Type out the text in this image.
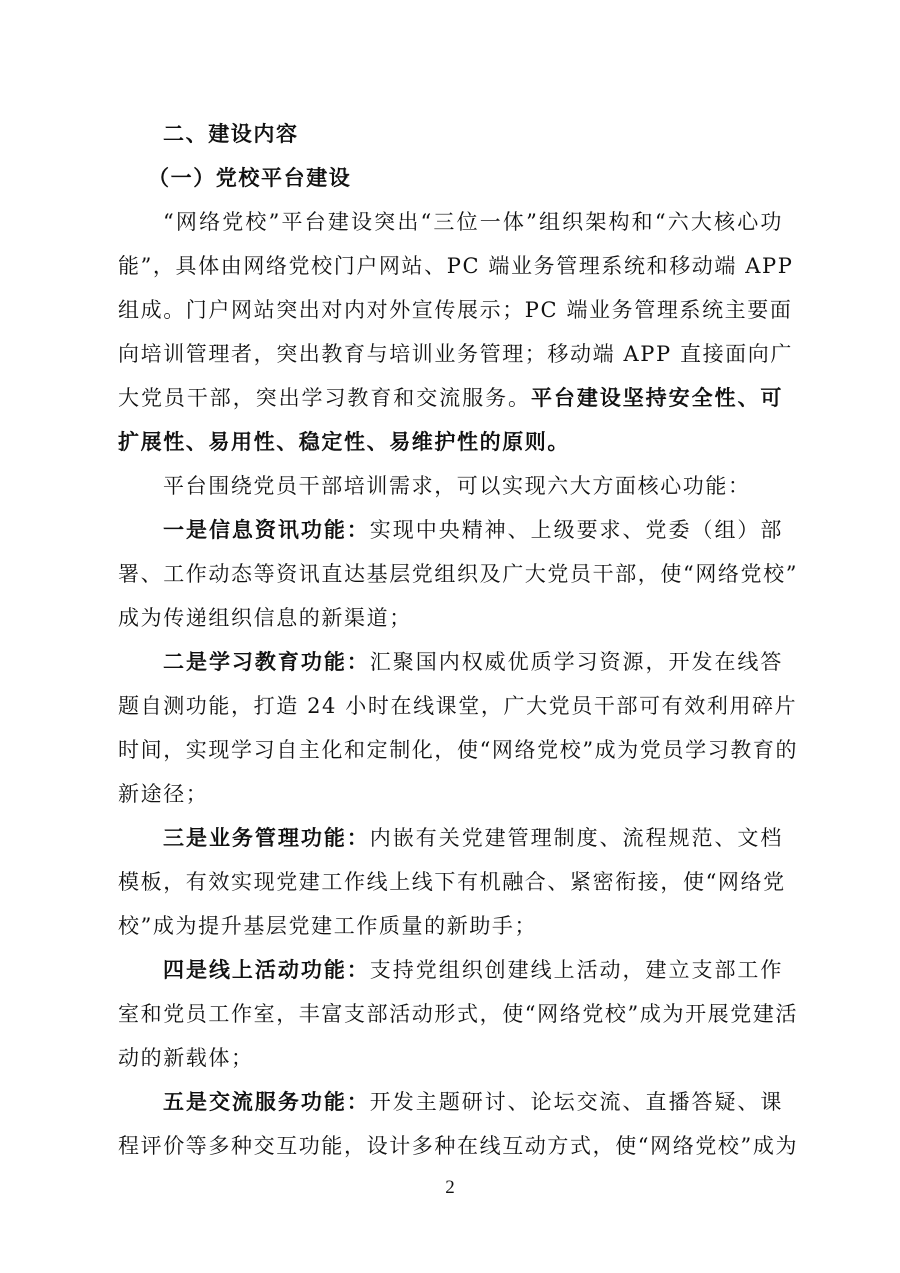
二、建设内容
（一）党校平台建设
“网络党校”平台建设突出“三位一体”组织架构和“六大核心功
能”，具体由网络党校门户网站、PC 端业务管理系统和移动端 APP
组成。门户网站突出对内对外宣传展示；PC 端业务管理系统主要面
向培训管理者，突出教育与培训业务管理；移动端 APP 直接面向广
大党员干部，突出学习教育和交流服务。平台建设坚持安全性、可
扩展性、易用性、稳定性、易维护性的原则。
平台围绕党员干部培训需求，可以实现六大方面核心功能：
一是信息资讯功能：实现中央精神、上级要求、党委（组）部
署、工作动态等资讯直达基层党组织及广大党员干部，使“网络党校”
成为传递组织信息的新渠道；
二是学习教育功能：汇聚国内权威优质学习资源，开发在线答
题自测功能，打造 24 小时在线课堂，广大党员干部可有效利用碎片
时间，实现学习自主化和定制化，使“网络党校”成为党员学习教育的
新途径；
三是业务管理功能：内嵌有关党建管理制度、流程规范、文档
模板，有效实现党建工作线上线下有机融合、紧密衔接，使“网络党
校”成为提升基层党建工作质量的新助手；
四是线上活动功能：支持党组织创建线上活动，建立支部工作
室和党员工作室，丰富支部活动形式，使“网络党校”成为开展党建活
动的新载体；
五是交流服务功能：开发主题研讨、论坛交流、直播答疑、课
程评价等多种交互功能，设计多种在线互动方式，使“网络党校”成为
2
